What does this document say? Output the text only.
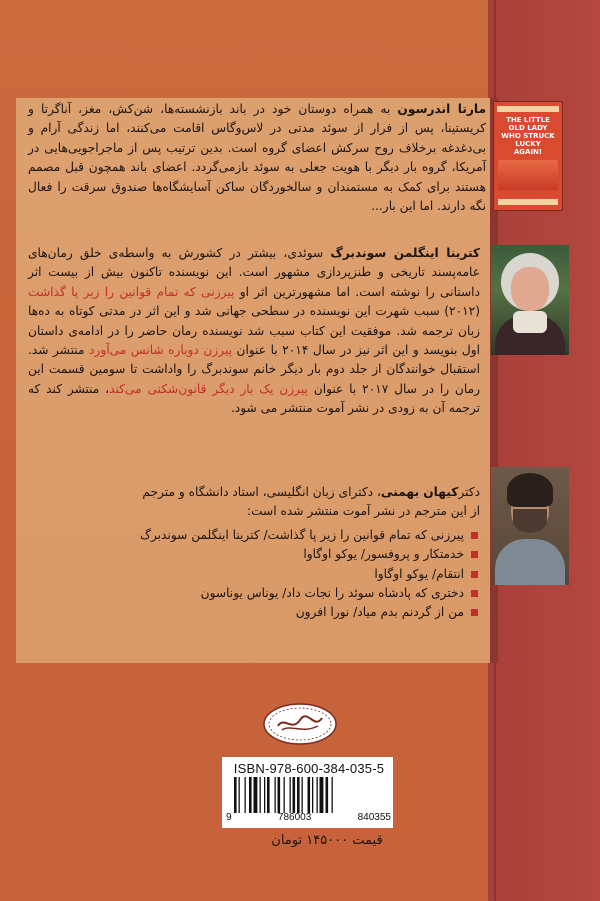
مارتا اندرسون به همراه دوستان خود در باند بازنشسته‌ها، شن‌کش، مغز، آناگرتا و کریستینا، پس از فرار از سوئد مدتی در لاس‌وگاس اقامت می‌کنند، اما زندگی آرام و بی‌دغدغه برخلاف روح سرکش اعضای گروه است. بدین ترتیب پس از ماجراجویی‌هایی در آمریکا، گروه بار دیگر با هویت جعلی به سوئد بازمی‌گردد. اعضای باند همچون قبل مصمم هستند برای کمک به مستمندان و سالخوردگان ساکن آسایشگاه‌ها صندوق سرقت را فعال نگه دارند. اما این بار...
THE LITTLE OLD LADY WHO STRUCK LUCKY AGAIN!
کترینا اینگلمن سوندبرگ سوئدی، بیشتر در کشورش به واسطه‌ی خلق رمان‌های عامه‌پسند تاریخی و طنزپردازی مشهور است. این نویسنده تاکنون بیش از بیست اثر داستانی را نوشته است. اما مشهورترین اثر او پیرزنی که تمام قوانین را زیر پا گذاشت (۲۰۱۲) سبب شهرت این نویسنده در سطحی جهانی شد و این اثر در مدتی کوتاه به ده‌ها زبان ترجمه شد. موفقیت این کتاب سبب شد نویسنده رمان حاضر را در ادامه‌ی داستان اول بنویسد و این اثر نیز در سال ۲۰۱۴ با عنوان پیرزن دوباره شانس می‌آورد منتشر شد. استقبال خوانندگان از جلد دوم بار دیگر خانم سوندبرگ را واداشت تا سومین قسمت این رمان را در سال ۲۰۱۷ با عنوان پیرزن یک بار دیگر قانون‌شکنی می‌کند، منتشر کند که ترجمه آن به زودی در نشر آموت منتشر می شود.
دکترکیهان بهمنی، دکترای زبان انگلیسی، استاد دانشگاه و مترجم
از این مترجم در نشر آموت منتشر شده است:
پیرزنی که تمام قوانین را زیر پا گذاشت/ کترینا اینگلمن سوندبرگ
خدمتکار و پروفسور/ یوکو اوگاوا
انتقام/ یوکو اوگاوا
دختری که پادشاه سوئد را نجات داد/ یوناس یوناسون
من از گردنم بدم میاد/ نورا افرون
ISBN-978-600-384-035-5
9	786003	840355
قیمت ۱۴۵۰۰۰ تومان
